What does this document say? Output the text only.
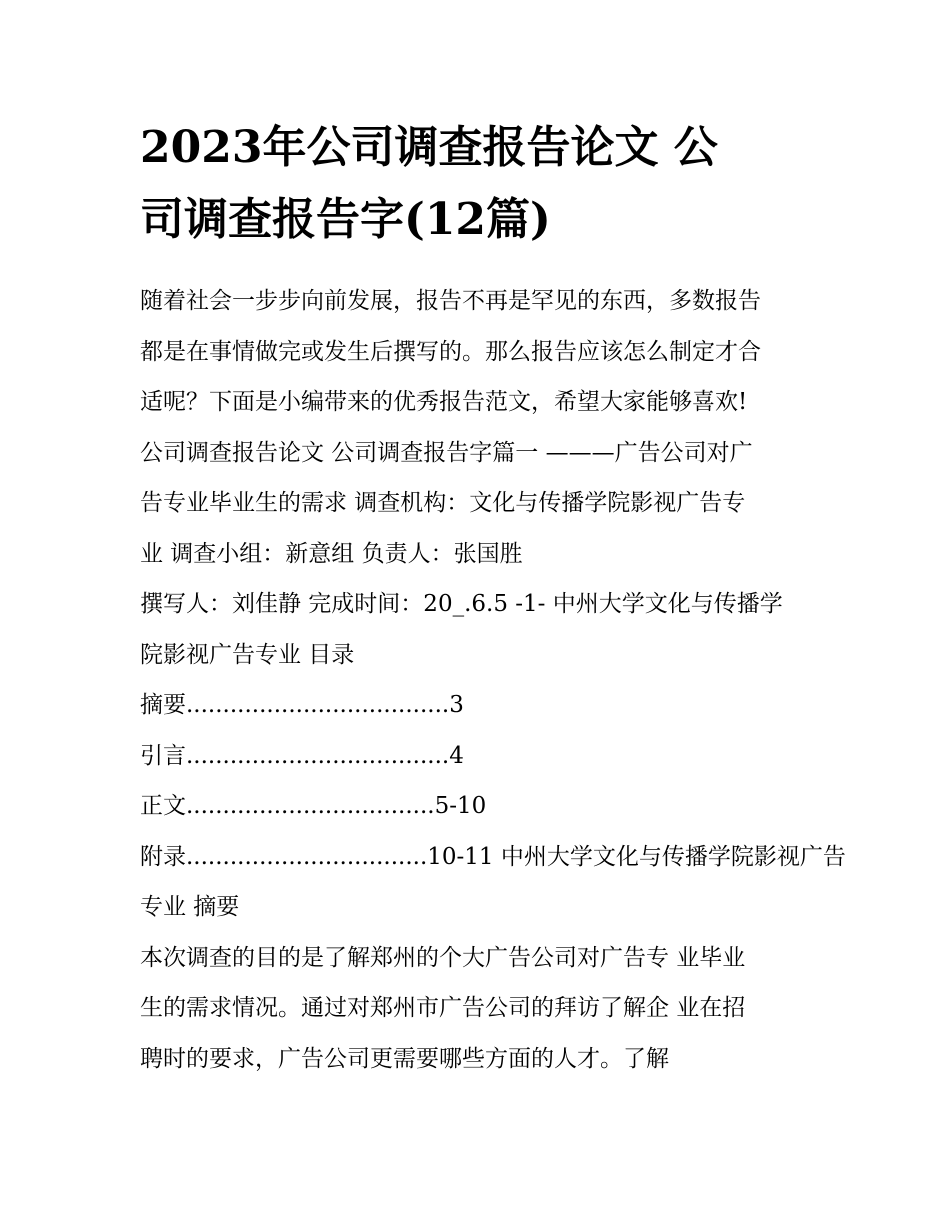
2023年公司调查报告论文 公
司调查报告字(12篇)

随着社会一步步向前发展，报告不再是罕见的东西，多数报告
都是在事情做完或发生后撰写的。那么报告应该怎么制定才合
适呢？下面是小编带来的优秀报告范文，希望大家能够喜欢!

公司调查报告论文 公司调查报告字篇一 ———广告公司对广
告专业毕业生的需求 调查机构：文化与传播学院影视广告专
业 调查小组：新意组 负责人：张国胜

撰写人：刘佳静 完成时间：20_.6.5 -1- 中州大学文化与传播学
院影视广告专业 目录

摘要....................................3

引言....................................4

正文..................................5-10

附录.................................10-11 中州大学文化与传播学院影视广告
专业 摘要

本次调查的目的是了解郑州的个大广告公司对广告专 业毕业
生的需求情况。通过对郑州市广告公司的拜访了解企 业在招
聘时的要求，广告公司更需要哪些方面的人才。了解
